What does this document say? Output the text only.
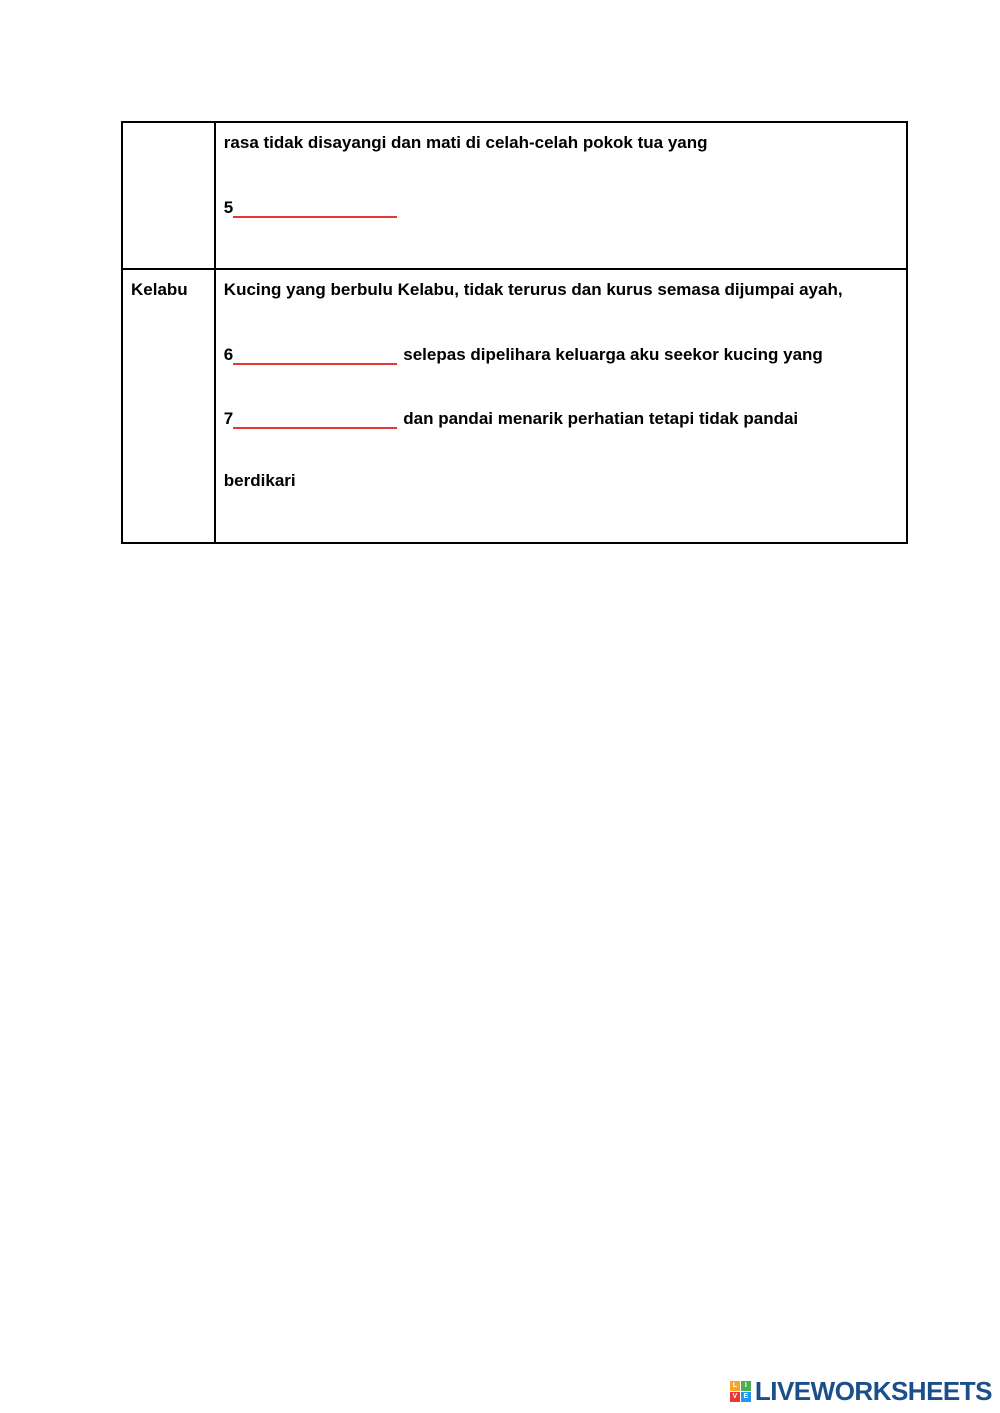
	rasa tidak disayangi dan mati di celah-celah pokok tua yang
5

Kelabu	Kucing yang berbulu Kelabu, tidak terurus dan kurus semasa dijumpai ayah,
6 selepas dipelihara keluarga aku seekor kucing yang
7 dan pandai menarik perhatian tetapi tidak pandai
berdikari
L	I
V E LIVEWORKSHEETS
